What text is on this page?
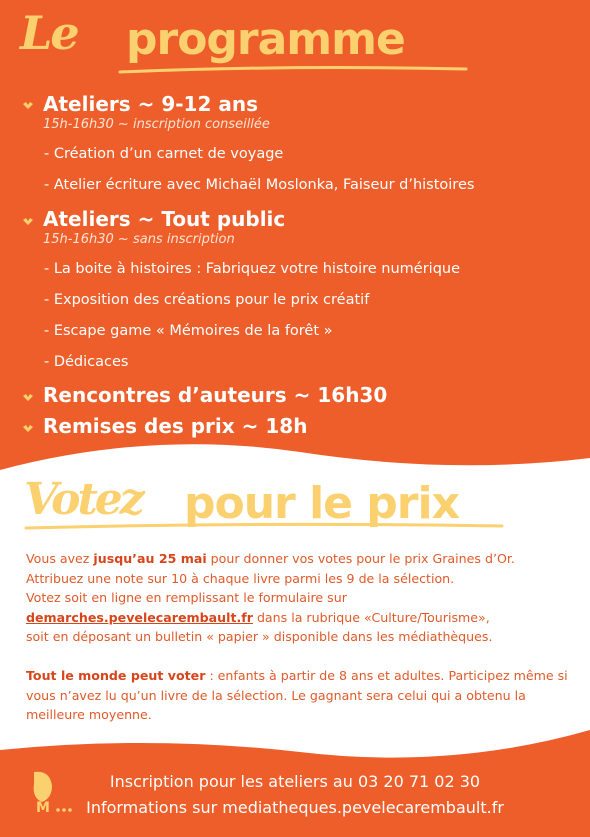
Le programme
Ateliers ~ 9-12 ans
15h-16h30 ~ inscription conseillée
- Création d’un carnet de voyage
- Atelier écriture avec Michaël Moslonka, Faiseur d’histoires
Ateliers ~ Tout public
15h-16h30 ~ sans inscription
- La boite à histoires : Fabriquez votre histoire numérique
- Exposition des créations pour le prix créatif
- Escape game « Mémoires de la forêt »
- Dédicaces
Rencontres d’auteurs ~ 16h30
Remises des prix ~ 18h
Votez pour le prix
Vous avez jusqu’au 25 mai pour donner vos votes pour le prix Graines d’Or.
Attribuez une note sur 10 à chaque livre parmi les 9 de la sélection.
Votez soit en ligne en remplissant le formulaire sur
demarches.pevelecarembault.fr dans la rubrique «Culture/Tourisme»,
soit en déposant un bulletin « papier » disponible dans les médiathèques.
Tout le monde peut voter : enfants à partir de 8 ans et adultes. Participez même si vous n’avez lu qu’un livre de la sélection. Le gagnant sera celui qui a obtenu la meilleure moyenne.
M
Inscription pour les ateliers au 03 20 71 02 30
Informations sur mediatheques.pevelecarembault.fr
